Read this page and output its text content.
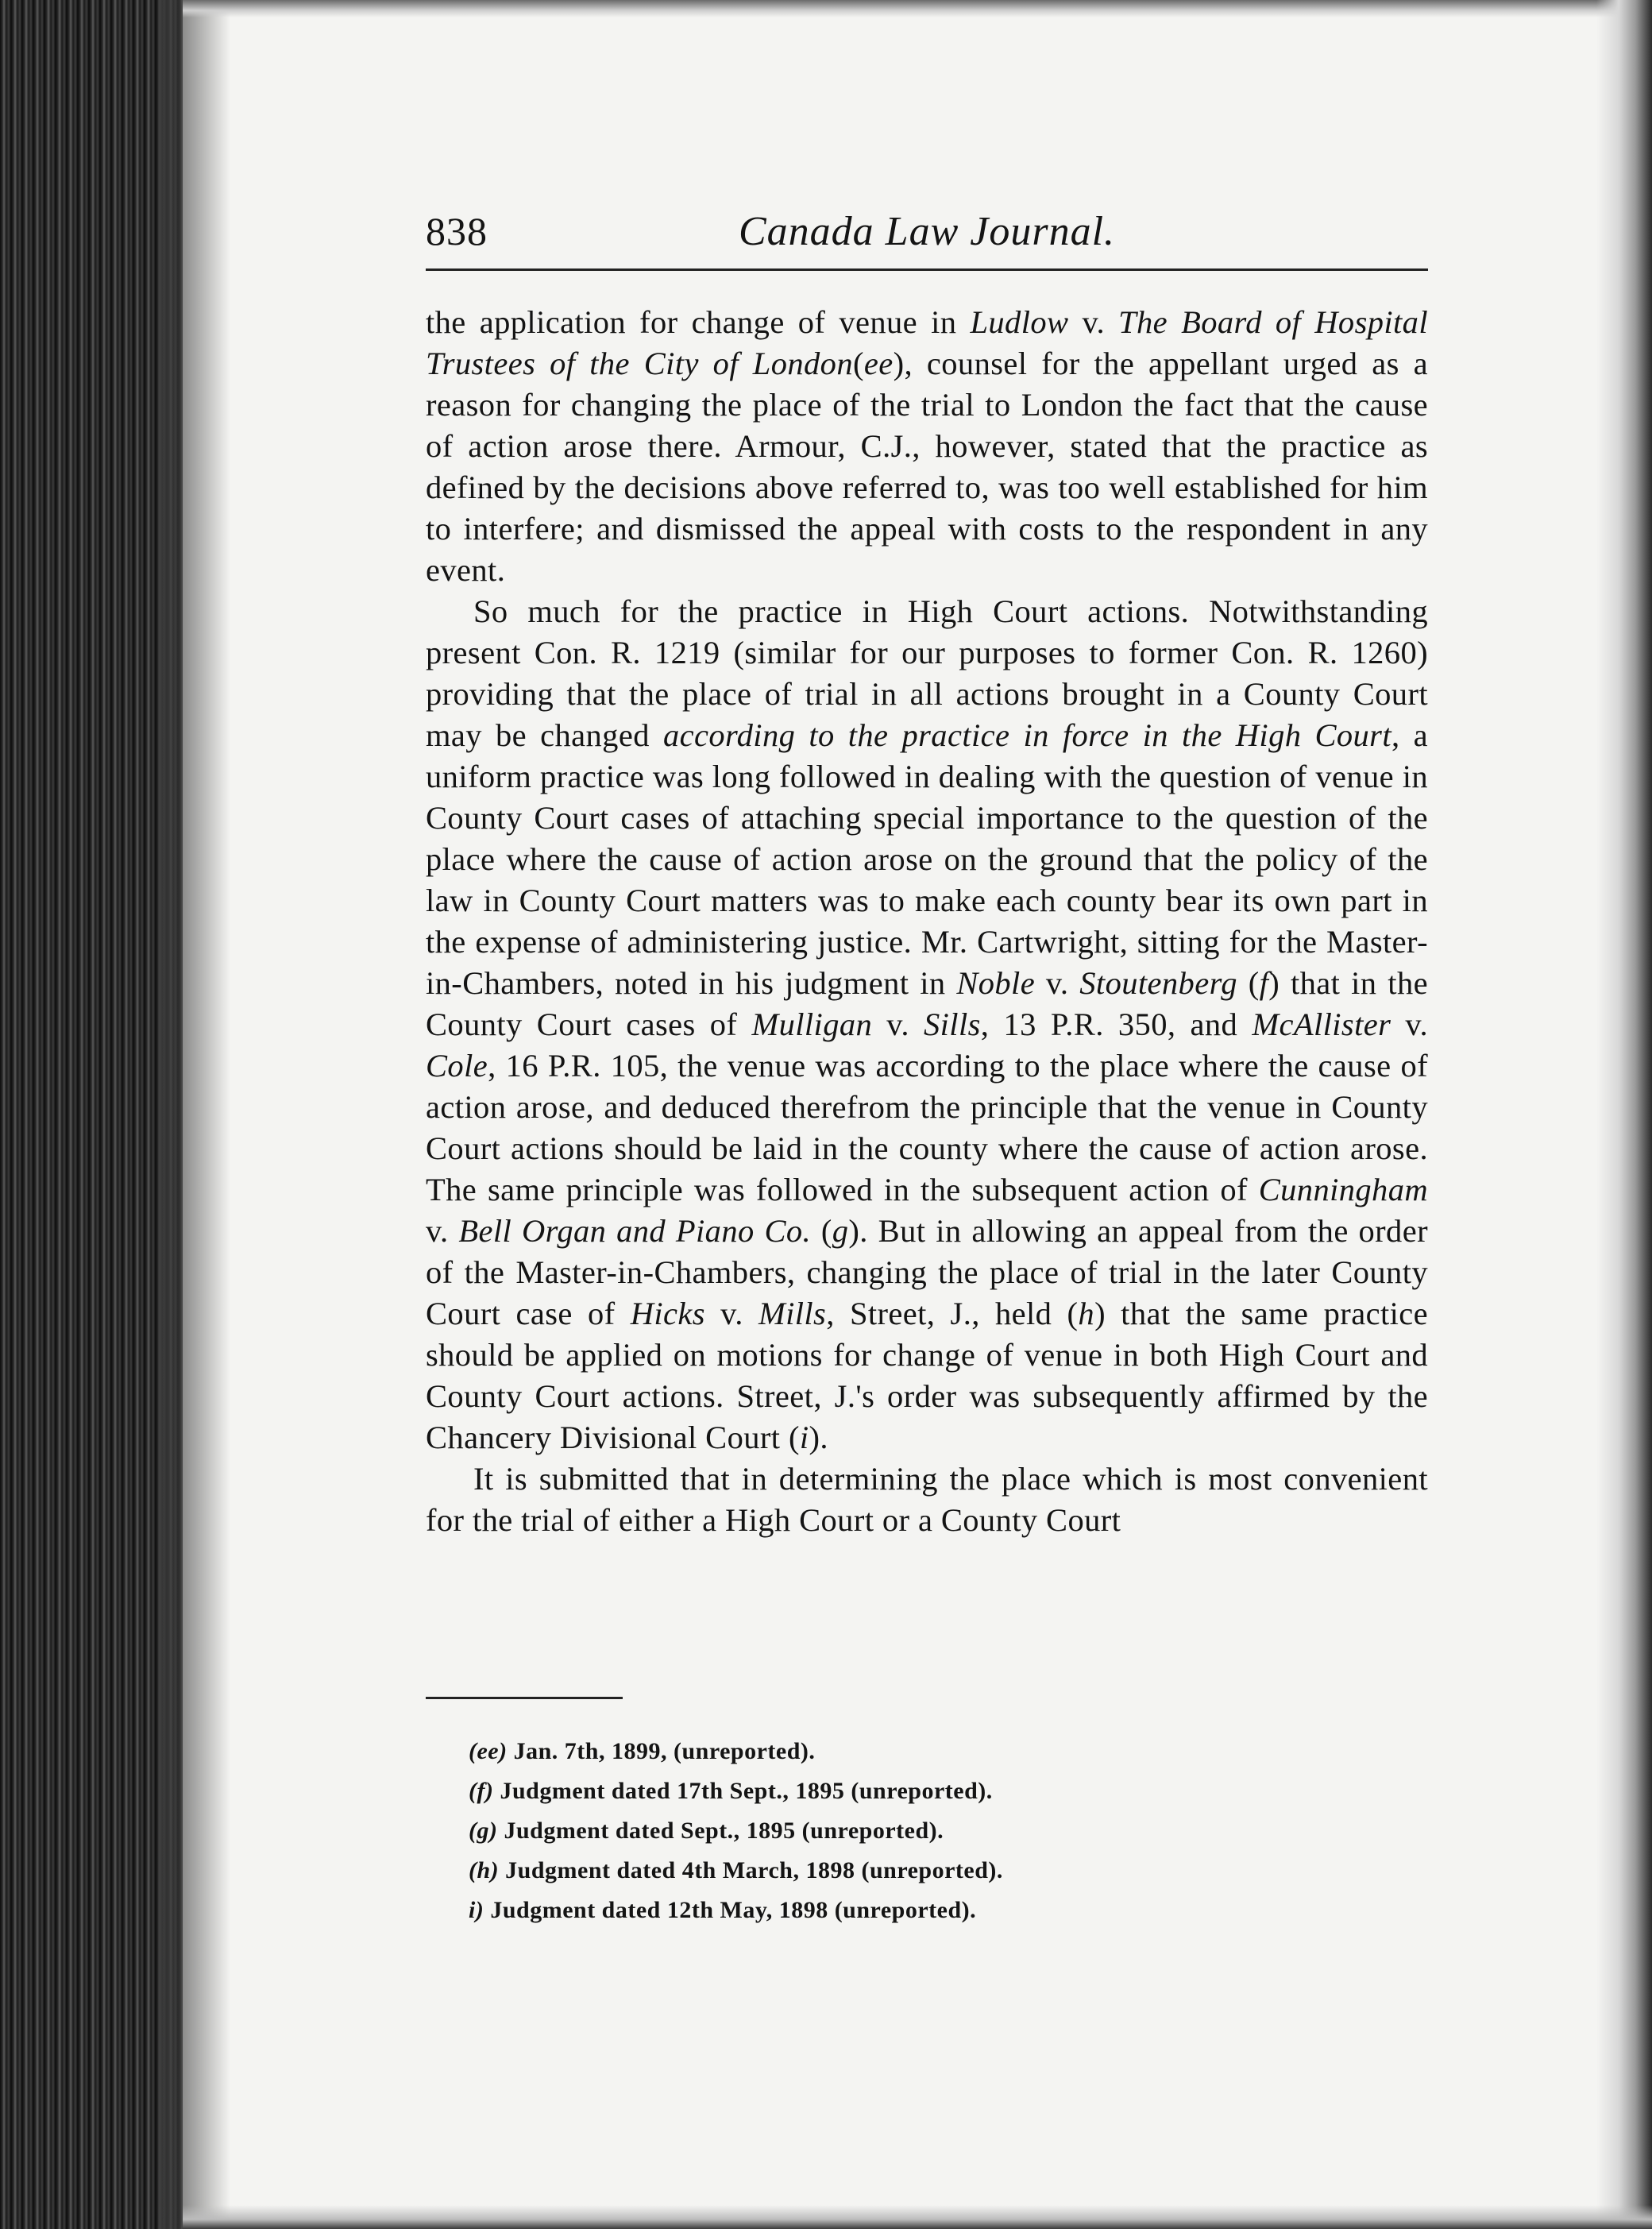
838	Canada Law Journal.

the application for change of venue in Ludlow v. The Board of Hospital Trustees of the City of London(ee), counsel for the appellant urged as a reason for changing the place of the trial to London the fact that the cause of action arose there. Armour, C.J., however, stated that the practice as defined by the decisions above referred to, was too well established for him to interfere; and dismissed the appeal with costs to the respondent in any event.

So much for the practice in High Court actions. Notwithstanding present Con. R. 1219 (similar for our purposes to former Con. R. 1260) providing that the place of trial in all actions brought in a County Court may be changed according to the practice in force in the High Court, a uniform practice was long followed in dealing with the question of venue in County Court cases of attaching special importance to the question of the place where the cause of action arose on the ground that the policy of the law in County Court matters was to make each county bear its own part in the expense of administering justice. Mr. Cartwright, sitting for the Master-in-Chambers, noted in his judgment in Noble v. Stoutenberg (f) that in the County Court cases of Mulligan v. Sills, 13 P.R. 350, and McAllister v. Cole, 16 P.R. 105, the venue was according to the place where the cause of action arose, and deduced therefrom the principle that the venue in County Court actions should be laid in the county where the cause of action arose. The same principle was followed in the subsequent action of Cunningham v. Bell Organ and Piano Co. (g). But in allowing an appeal from the order of the Master-in-Chambers, changing the place of trial in the later County Court case of Hicks v. Mills, Street, J., held (h) that the same practice should be applied on motions for change of venue in both High Court and County Court actions. Street, J.'s order was subsequently affirmed by the Chancery Divisional Court (i).

It is submitted that in determining the place which is most convenient for the trial of either a High Court or a County Court

(ee) Jan. 7th, 1899, (unreported).
(f) Judgment dated 17th Sept., 1895 (unreported).
(g) Judgment dated Sept., 1895 (unreported).
(h) Judgment dated 4th March, 1898 (unreported).
i) Judgment dated 12th May, 1898 (unreported).
